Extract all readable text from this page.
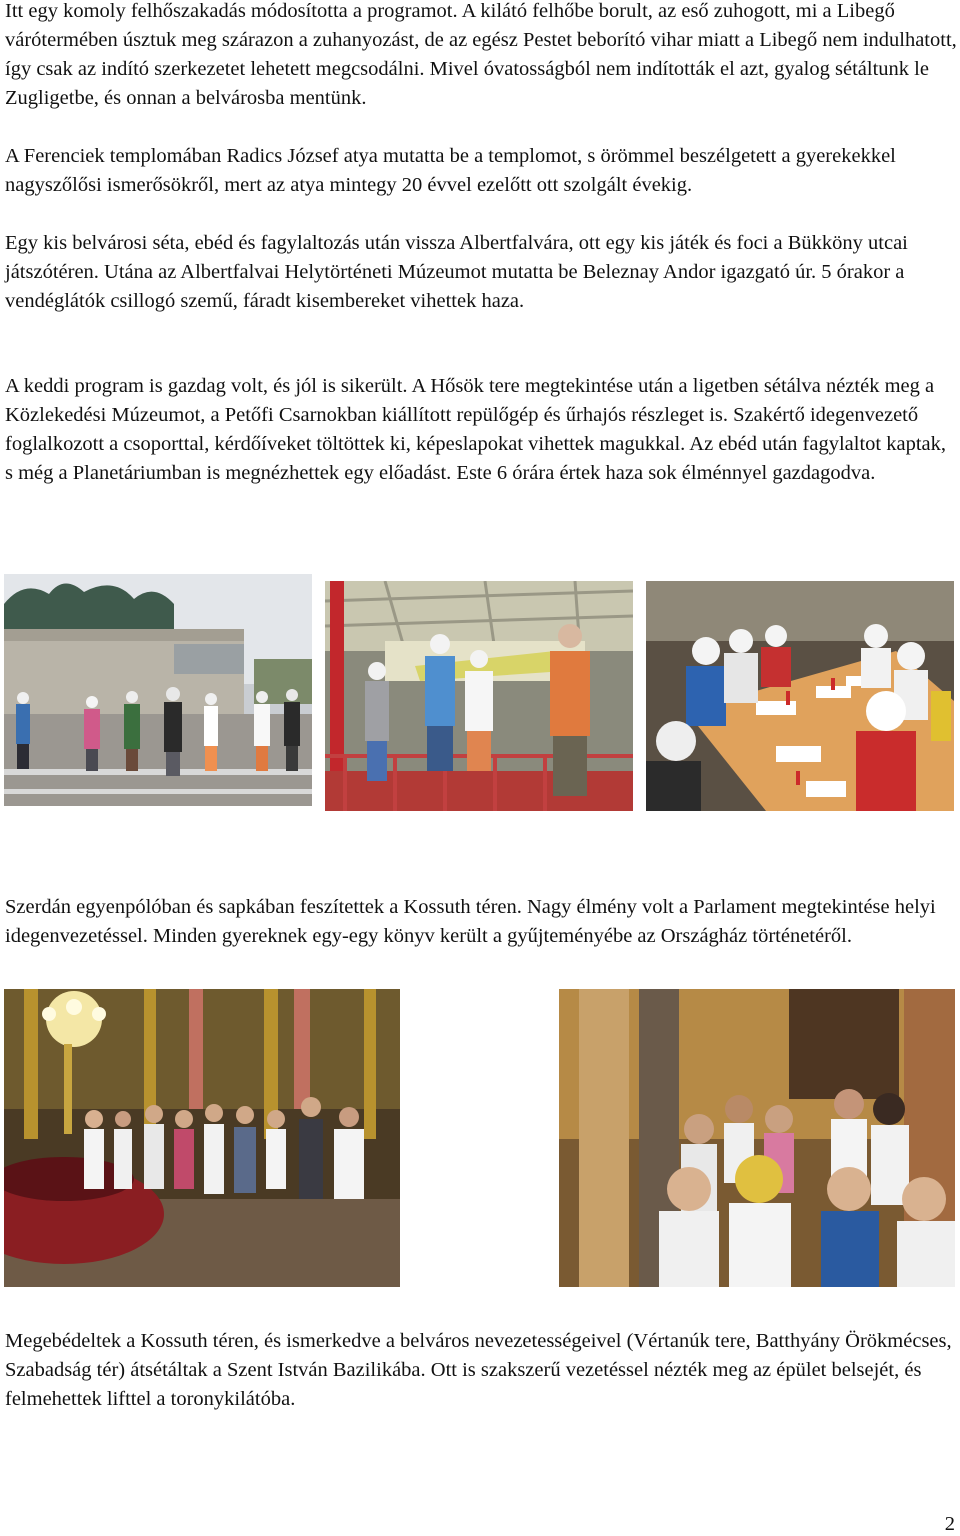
Itt egy komoly felhőszakadás módosította a programot. A kilátó felhőbe borult, az eső zuhogott, mi a Libegő várótermében úsztuk meg szárazon a zuhanyozást, de az egész Pestet beborító vihar miatt a Libegő nem indulhatott, így csak az indító szerkezetet lehetett megcsodálni. Mivel óvatosságból nem indították el azt, gyalog sétáltunk le Zugligetbe, és onnan a belvárosba mentünk.

A Ferenciek templomában Radics József atya mutatta be a templomot, s örömmel beszélgetett a gyerekekkel nagyszőlősi ismerősökről, mert az atya mintegy 20 évvel ezelőtt ott szolgált évekig.

Egy kis belvárosi séta, ebéd és fagylaltozás után vissza Albertfalvára, ott egy kis játék és foci a Bükköny utcai játszótéren. Utána az Albertfalvai Helytörténeti Múzeumot mutatta be Beleznay Andor igazgató úr. 5 órakor a vendéglátók csillogó szemű, fáradt kisembereket vihettek haza.

A keddi program is gazdag volt, és jól is sikerült. A Hősök tere megtekintése után a ligetben sétálva nézték meg a Közlekedési Múzeumot, a Petőfi Csarnokban kiállított repülőgép és űrhajós részleget is. Szakértő idegenvezető foglalkozott a csoporttal, kérdőíveket töltöttek ki, képeslapokat vihettek magukkal. Az ebéd után fagylaltot kaptak, s még a Planetáriumban is megnézhettek egy előadást. Este 6 órára értek haza sok élménnyel gazdagodva.

Szerdán egyenpólóban és sapkában feszítettek a Kossuth téren. Nagy élmény volt a Parlament megtekintése helyi idegenvezetéssel. Minden gyereknek egy-egy könyv került a gyűjteményébe az Országház történetéről.

Megebédeltek a Kossuth téren, és ismerkedve a belváros nevezetességeivel (Vértanúk tere, Batthyány Örökmécses, Szabadság tér) átsétáltak a Szent István Bazilikába. Ott is szakszerű vezetéssel nézték meg az épület belsejét, és felmehettek lifttel a toronykilátóba.

2
